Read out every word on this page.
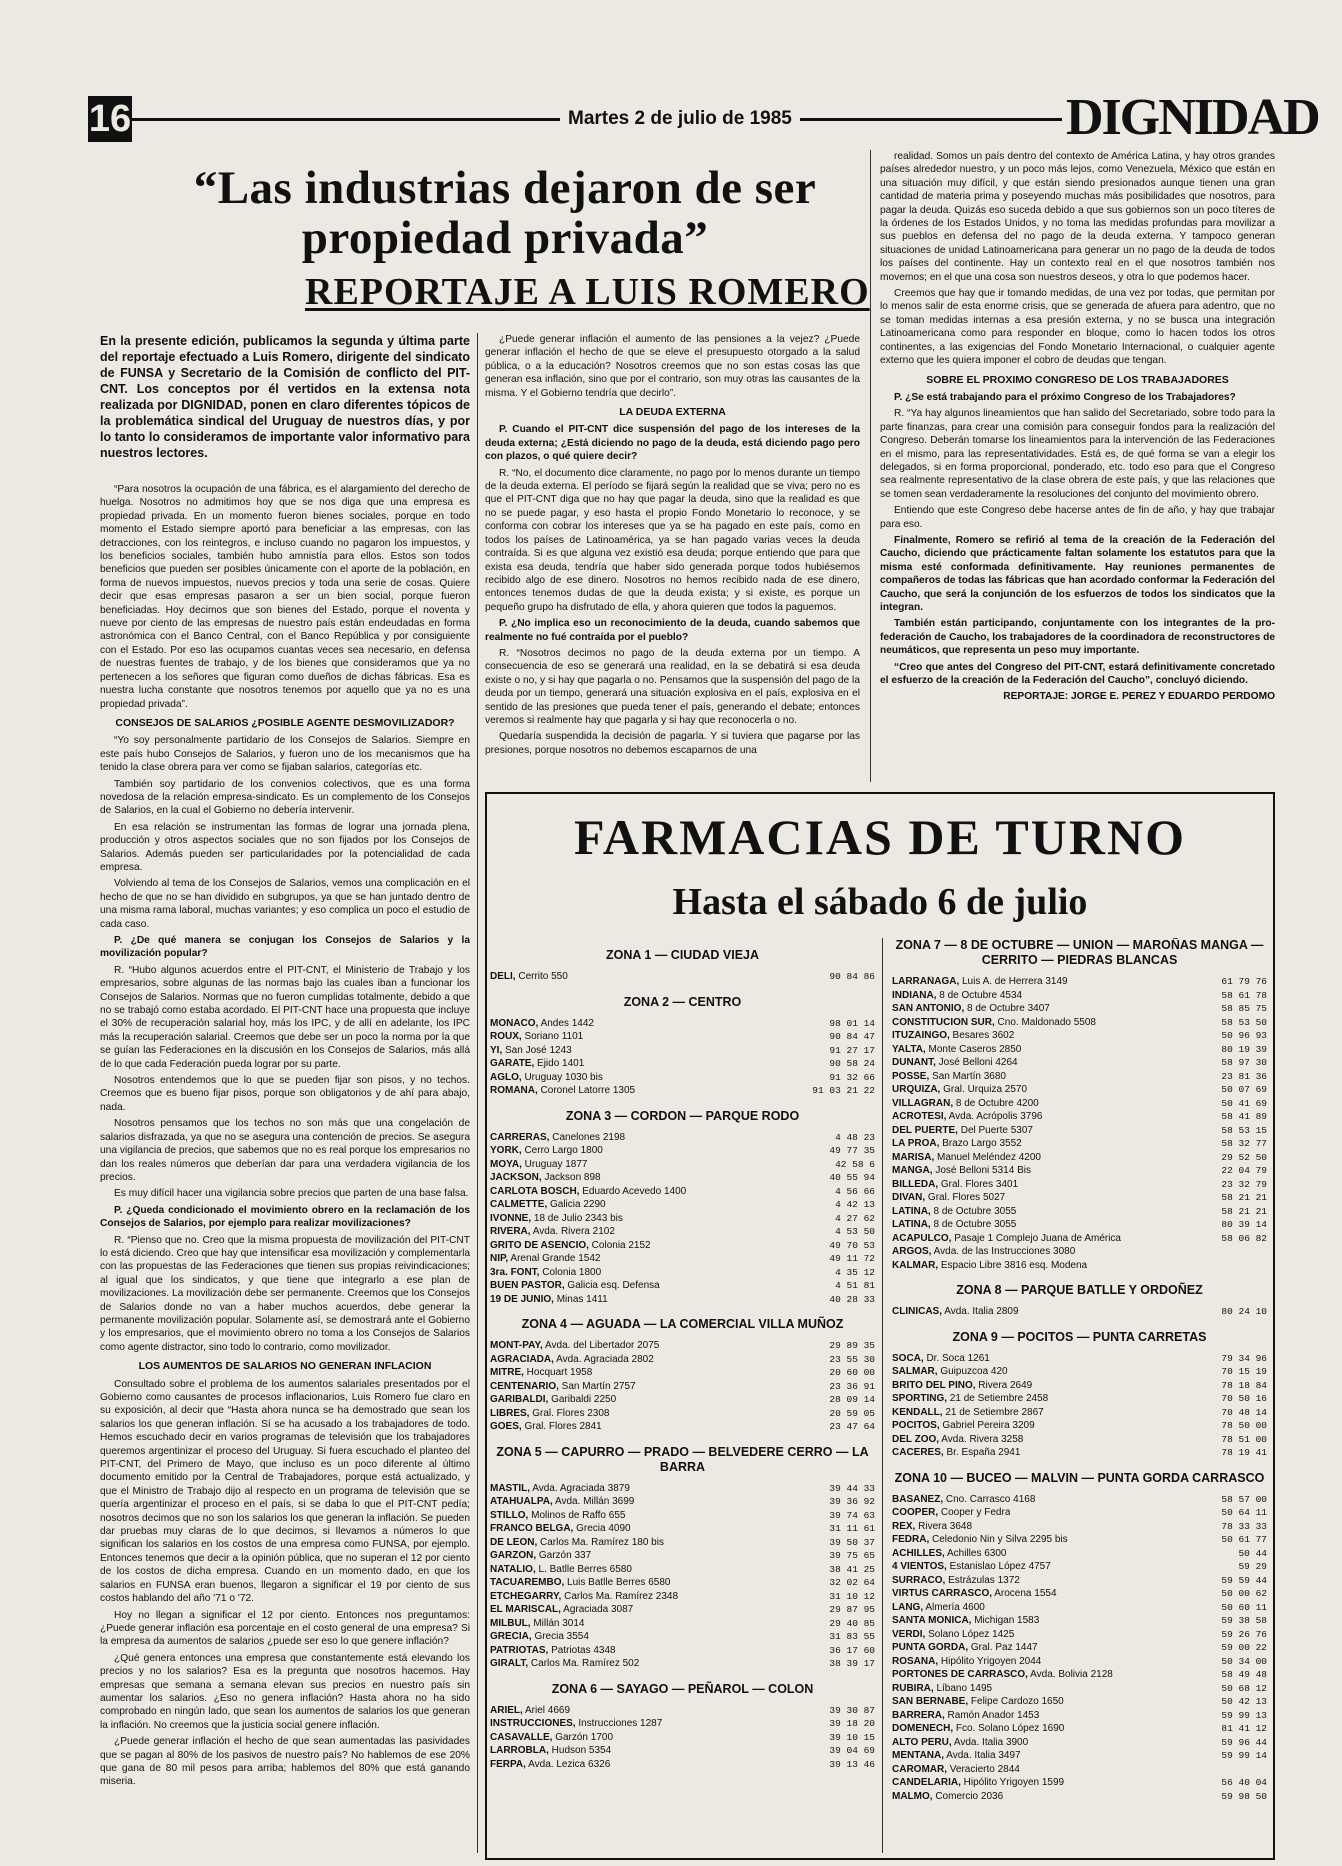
16	Martes 2 de julio de 1985	DIGNIDAD
“Las industrias dejaron de ser propiedad privada”
REPORTAJE A LUIS ROMERO
En la presente edición, publicamos la segunda y última parte del reportaje efectuado a Luis Romero, dirigente del sindicato de FUNSA y Secretario de la Comisión de conflicto del PIT-CNT. Los conceptos por él vertidos en la extensa nota realizada por DIGNIDAD, ponen en claro diferentes tópicos de la problemática sindical del Uruguay de nuestros días, y por lo tanto lo consideramos de importante valor informativo para nuestros lectores.

“Para nosotros la ocupación de una fábrica, es el alargamiento del derecho de huelga. Nosotros no admitimos hoy que se nos diga que una empresa es propiedad privada. En un momento fueron bienes sociales, porque en todo momento el Estado siempre aportó para beneficiar a las empresas, con las detracciones, con los reintegros, e incluso cuando no pagaron los impuestos, y los beneficios sociales, también hubo amnistía para ellos. Estos son todos beneficios que pueden ser posibles únicamente con el aporte de la población, en forma de nuevos impuestos, nuevos precios y toda una serie de cosas. Quiere decir que esas empresas pasaron a ser un bien social, porque fueron beneficiadas. Hoy decimos que son bienes del Estado, porque el noventa y nueve por ciento de las empresas de nuestro país están endeudadas en forma astronómica con el Banco Central, con el Banco República y por consiguiente con el Estado. Por eso las ocupamos cuantas veces sea necesario, en defensa de nuestras fuentes de trabajo, y de los bienes que consideramos que ya no pertenecen a los señores que figuran como dueños de dichas fábricas. Esa es nuestra lucha constante que nosotros tenemos por aquello que ya no es una propiedad privada”.

CONSEJOS DE SALARIOS ¿POSIBLE AGENTE DESMOVILIZADOR?

“Yo soy personalmente partidario de los Consejos de Salarios. Siempre en este país hubo Consejos de Salarios, y fueron uno de los mecanismos que ha tenido la clase obrera para ver como se fijaban salarios, categorías etc.

También soy partidario de los convenios colectivos, que es una forma novedosa de la relación empresa-sindicato. Es un complemento de los Consejos de Salarios, en la cual el Gobierno no debería intervenir.

En esa relación se instrumentan las formas de lograr una jornada plena, producción y otros aspectos sociales que no son fijados por los Consejos de Salarios. Además pueden ser particularidades por la potencialidad de cada empresa.

Volviendo al tema de los Consejos de Salarios, vemos una complicación en el hecho de que no se han dividido en subgrupos, ya que se han juntado dentro de una misma rama laboral, muchas variantes; y eso complica un poco el estudio de cada caso.

P. ¿De qué manera se conjugan los Consejos de Salarios y la movilización popular?

R. “Hubo algunos acuerdos entre el PIT-CNT, el Ministerio de Trabajo y los empresarios, sobre algunas de las normas bajo las cuales iban a funcionar los Consejos de Salarios. Normas que no fueron cumplidas totalmente, debido a que no se trabajó como estaba acordado. El PIT-CNT hace una propuesta que incluye el 30% de recuperación salarial hoy, más los IPC, y de allí en adelante, los IPC más la recuperación salarial. Creemos que debe ser un poco la norma por la que se guían las Federaciones en la discusión en los Consejos de Salarios, más allá de lo que cada Federación pueda lograr por su parte.

Nosotros entendemos que lo que se pueden fijar son pisos, y no techos. Creemos que es bueno fijar pisos, porque son obligatorios y de ahí para abajo, nada.

Nosotros pensamos que los techos no son más que una congelación de salarios disfrazada, ya que no se asegura una contención de precios. Se asegura una vigilancia de precios, que sabemos que no es real porque los empresarios no dan los reales números que deberían dar para una verdadera vigilancia de los precios.

Es muy difícil hacer una vigilancia sobre precios que parten de una base falsa.

P. ¿Queda condicionado el movimiento obrero en la reclamación de los Consejos de Salarios, por ejemplo para realizar movilizaciones?

R. “Pienso que no. Creo que la misma propuesta de movilización del PIT-CNT lo está diciendo. Creo que hay que intensificar esa movilización y complementarla con las propuestas de las Federaciones que tienen sus propias reivindicaciones; al igual que los sindicatos, y que tiene que integrarlo a ese plan de movilizaciones. La movilización debe ser permanente. Creemos que los Consejos de Salarios donde no van a haber muchos acuerdos, debe generar la permanente movilización popular. Solamente así, se demostrará ante el Gobierno y los empresarios, que el movimiento obrero no toma a los Consejos de Salarios como agente distractor, sino todo lo contrario, como movilizador.

LOS AUMENTOS DE SALARIOS NO GENERAN INFLACION

Consultado sobre el problema de los aumentos salariales presentados por el Gobierno como causantes de procesos inflacionarios, Luis Romero fue claro en su exposición, al decir que “Hasta ahora nunca se ha demostrado que sean los salarios los que generan inflación. Sí se ha acusado a los trabajadores de todo. Hemos escuchado decir en varios programas de televisión que los trabajadores queremos argentinizar el proceso del Uruguay. Si fuera escuchado el planteo del PIT-CNT, del Primero de Mayo, que incluso es un poco diferente al último documento emitido por la Central de Trabajadores, porque está actualizado, y que el Ministro de Trabajo dijo al respecto en un programa de televisión que se quería argentinizar el proceso en el país, si se daba lo que el PIT-CNT pedía; nosotros decimos que no son los salarios los que generan la inflación. Se pueden dar pruebas muy claras de lo que decimos, si llevamos a números lo que significan los salarios en los costos de una empresa como FUNSA, por ejemplo. Entonces tenemos que decir a la opinión pública, que no superan el 12 por ciento de los costos de dicha empresa. Cuando en un momento dado, en que los salarios en FUNSA eran buenos, llegaron a significar el 19 por ciento de sus costos hablando del año '71 o '72.

Hoy no llegan a significar el 12 por ciento. Entonces nos preguntamos: ¿Puede generar inflación esa porcentaje en el costo general de una empresa? Si la empresa da aumentos de salarios ¿puede ser eso lo que genere inflación?

¿Qué genera entonces una empresa que constantemente está elevando los precios y no los salarios? Esa es la pregunta que nosotros hacemos. Hay empresas que semana a semana elevan sus precios en nuestro país sin aumentar los salarios. ¿Eso no genera inflación? Hasta ahora no ha sido comprobado en ningún lado, que sean los aumentos de salarios los que generan la inflación. No creemos que la justicia social genere inflación.

¿Puede generar inflación el hecho de que sean aumentadas las pasividades que se pagan al 80% de los pasivos de nuestro país? No hablemos de ese 20% que gana de 80 mil pesos para arriba; hablemos del 80% que está ganando miseria.

¿Puede generar inflación el aumento de las pensiones a la vejez? ¿Puede generar inflación el hecho de que se eleve el presupuesto otorgado a la salud pública, o a la educación? Nosotros creemos que no son estas cosas las que generan esa inflación, sino que por el contrario, son muy otras las causantes de la misma. Y el Gobierno tendría que decirlo”.

LA DEUDA EXTERNA

P. Cuando el PIT-CNT dice suspensión del pago de los intereses de la deuda externa; ¿Está diciendo no pago de la deuda, está diciendo pago pero con plazos, o qué quiere decir?

R. “No, el documento dice claramente, no pago por lo menos durante un tiempo de la deuda externa. El período se fijará según la realidad que se viva; pero no es que el PIT-CNT diga que no hay que pagar la deuda, sino que la realidad es que no se puede pagar, y eso hasta el propio Fondo Monetario lo reconoce, y se conforma con cobrar los intereses que ya se ha pagado en este país, como en todos los países de Latinoamérica, ya se han pagado varias veces la deuda contraída. Si es que alguna vez existió esa deuda; porque entiendo que para que exista esa deuda, tendría que haber sido generada porque todos hubiésemos recibido algo de ese dinero. Nosotros no hemos recibido nada de ese dinero, entonces tenemos dudas de que la deuda exista; y si existe, es porque un pequeño grupo ha disfrutado de ella, y ahora quieren que todos la paguemos.

P. ¿No implica eso un reconocimiento de la deuda, cuando sabemos que realmente no fué contraída por el pueblo?

R. “Nosotros decimos no pago de la deuda externa por un tiempo. A consecuencia de eso se generará una realidad, en la se debatirá si esa deuda existe o no, y si hay que pagarla o no. Pensamos que la suspensión del pago de la deuda por un tiempo, generará una situación explosiva en el país, explosiva en el sentido de las presiones que pueda tener el país, generando el debate; entonces veremos si realmente hay que pagarla y si hay que reconocerla o no.

Quedaría suspendida la decisión de pagarla. Y si tuviera que pagarse por las presiones, porque nosotros no debemos escaparnos de una

realidad. Somos un país dentro del contexto de América Latina, y hay otros grandes países alrededor nuestro, y un poco más lejos, como Venezuela, México que están en una situación muy difícil, y que están siendo presionados aunque tienen una gran cantidad de materia prima y poseyendo muchas más posibilidades que nosotros, para pagar la deuda. Quizás eso suceda debido a que sus gobiernos son un poco títeres de la órdenes de los Estados Unidos, y no toma las medidas profundas para movilizar a sus pueblos en defensa del no pago de la deuda externa. Y tampoco generan situaciones de unidad Latinoamericana para generar un no pago de la deuda de todos los países del continente. Hay un contexto real en el que nosotros también nos movemos; en el que una cosa son nuestros deseos, y otra lo que podemos hacer.

Creemos que hay que ir tomando medidas, de una vez por todas, que permitan por lo menos salir de esta enorme crisis, que se generada de afuera para adentro, que no se toman medidas internas a esa presión externa, y no se busca una integración Latinoamericana como para responder en bloque, como lo hacen todos los otros continentes, a las exigencias del Fondo Monetario Internacional, o cualquier agente externo que les quiera imponer el cobro de deudas que tengan.

SOBRE EL PROXIMO CONGRESO DE LOS TRABAJADORES

P. ¿Se está trabajando para el próximo Congreso de los Trabajadores?

R. “Ya hay algunos lineamientos que han salido del Secretariado, sobre todo para la parte finanzas, para crear una comisión para conseguir fondos para la realización del Congreso. Deberán tomarse los lineamientos para la intervención de las Federaciones en el mismo, para las representatividades. Está es, de qué forma se van a elegir los delegados, si en forma proporcional, ponderado, etc. todo eso para que el Congreso sea realmente representativo de la clase obrera de este país, y que las relaciones que se tomen sean verdaderamente la resoluciones del conjunto del movimiento obrero.

Entiendo que este Congreso debe hacerse antes de fin de año, y hay que trabajar para eso.

Finalmente, Romero se refirió al tema de la creación de la Federación del Caucho, diciendo que prácticamente faltan solamente los estatutos para que la misma esté conformada definitivamente. Hay reuniones permanentes de compañeros de todas las fábricas que han acordado conformar la Federación del Caucho, que será la conjunción de los esfuerzos de todos los sindicatos que la integran.

También están participando, conjuntamente con los integrantes de la pro-federación de Caucho, los trabajadores de la coordinadora de reconstructores de neumáticos, que representa un peso muy importante.

“Creo que antes del Congreso del PIT-CNT, estará definitivamente concretado el esfuerzo de la creación de la Federación del Caucho”, concluyó diciendo.

REPORTAJE: JORGE E. PEREZ Y EDUARDO PERDOMO

FARMACIAS DE TURNO
Hasta el sábado 6 de julio
ZONA 1 — CIUDAD VIEJA
DELI, Cerrito 550	90 84 86
ZONA 2 — CENTRO
MONACO, Andes 1442	98 01 14
ROUX, Soriano 1101	90 84 47
YI, San José 1243	91 27 17
GARATE, Ejido 1401	90 58 24
AGLO, Uruguay 1030 bis	91 32 66
ROMANA, Coronel Latorre 1305	91 03 21 22
ZONA 3 — CORDON — PARQUE RODO
CARRERAS, Canelones 2198	4 48 23
YORK, Cerro Largo 1800	49 77 35
MOYA, Uruguay 1877	42 58 6
JACKSON, Jackson 898	40 55 94
CARLOTA BOSCH, Eduardo Acevedo 1400	4 56 66
CALMETTE, Galicia 2290	4 42 13
IVONNE, 18 de Julio 2343 bis	4 27 62
RIVERA, Avda. Rivera 2102	4 53 50
GRITO DE ASENCIO, Colonia 2152	49 70 53
NIP, Arenal Grande 1542	49 11 72
3ra. FONT, Colonia 1800	4 35 12
BUEN PASTOR, Galicia esq. Defensa	4 51 81
19 DE JUNIO, Minas 1411	40 28 33
ZONA 4 — AGUADA — LA COMERCIAL VILLA MUÑOZ
MONT-PAY, Avda. del Libertador 2075	29 89 35
AGRACIADA, Avda. Agraciada 2802	23 55 30
MITRE, Hocquart 1958	20 60 00
CENTENARIO, San Martín 2757	23 36 91
GARIBALDI, Garibaldi 2250	28 09 14
LIBRES, Gral. Flores 2308	20 59 05
GOES, Gral. Flores 2841	23 47 64
ZONA 5 — CAPURRO — PRADO — BELVEDERE CERRO — LA BARRA
MASTIL, Avda. Agraciada 3879	39 44 33
ATAHUALPA, Avda. Millán 3699	39 36 92
STILLO, Molinos de Raffo 655	39 74 63
FRANCO BELGA, Grecia 4090	31 11 61
DE LEON, Carlos Ma. Ramírez 180 bis	39 50 37
GARZON, Garzón 337	39 75 65
NATALIO, L. Batlle Berres 6580	38 41 25
TACUAREMBO, Luis Batlle Berres 6580	32 02 64
ETCHEGARRY, Carlos Ma. Ramírez 2348	31 10 12
EL MARISCAL, Agraciada 3087	29 87 95
MILBUL, Millán 3014	29 40 85
GRECIA, Grecia 3554	31 83 55
PATRIOTAS, Patriotas 4348	36 17 60
GIRALT, Carlos Ma. Ramírez 502	38 39 17
ZONA 6 — SAYAGO — PEÑAROL — COLON
ARIEL, Ariel 4669	39 30 87
INSTRUCCIONES, Instrucciones 1287	39 18 20
CASAVALLE, Garzón 1700	39 10 15
LARROBLA, Hudson 5354	39 04 69
FERPA, Avda. Lezica 6326	39 13 46
ZONA 7 — 8 DE OCTUBRE — UNION — MAROÑAS MANGA — CERRITO — PIEDRAS BLANCAS
LARRAÑAGA, Luis A. de Herrera 3149	61 79 76
INDIANA, 8 de Octubre 4534	58 61 78
SAN ANTONIO, 8 de Octubre 3407	58 85 75
CONSTITUCION SUR, Cno. Maldonado 5508	58 53 50
ITUZAINGO, Besares 3602	50 96 93
YALTA, Monte Caseros 2850	80 19 39
DUNANT, José Belloni 4264	58 97 30
POSSE, San Martín 3680	23 81 36
URQUIZA, Gral. Urquiza 2570	50 07 69
VILLAGRAN, 8 de Octubre 4200	50 41 69
ACROTESI, Avda. Acrópolis 3796	58 41 89
DEL PUERTE, Del Puerte 5307	58 53 15
LA PROA, Brazo Largo 3552	58 32 77
MARISA, Manuel Meléndez 4200	29 52 50
MANGA, José Belloni 5314 Bis	22 04 79
BILLEDA, Gral. Flores 3401	23 32 79
DIVAN, Gral. Flores 5027	58 21 21
LATINA, 8 de Octubre 3055	58 21 21
LATINA, 8 de Octubre 3055	80 39 14
ACAPULCO, Pasaje 1 Complejo Juana de América	58 06 82
ARGOS, Avda. de las Instrucciones 3080
KALMAR, Espacio Libre 3816 esq. Modena
ZONA 8 — PARQUE BATLLE Y ORDOÑEZ
CLINICAS, Avda. Italia 2809	80 24 10
ZONA 9 — POCITOS — PUNTA CARRETAS
SOCA, Dr. Soca 1261	79 34 96
SALMAR, Guipuzcoa 420	70 15 19
BRITO DEL PINO, Rivera 2649	78 18 84
SPORTING, 21 de Setiembre 2458	70 50 16
KENDALL, 21 de Setiembre 2867	70 48 14
POCITOS, Gabriel Pereira 3209	78 50 00
DEL ZOO, Avda. Rivera 3258	78 51 00
CACERES, Br. España 2941	78 19 41
ZONA 10 — BUCEO — MALVIN — PUNTA GORDA CARRASCO
BASAÑEZ, Cno. Carrasco 4168	58 57 00
COOPER, Cooper y Fedra	50 64 11
REX, Rivera 3648	78 33 33
FEDRA, Celedonio Nin y Silva 2295 bis	50 61 77
ACHILLES, Achilles 6300	50 44
4 VIENTOS, Estanislao López 4757	59 29
SURRACO, Estrázulas 1372	59 59 44
VIRTUS CARRASCO, Arocena 1554	50 00 62
LANG, Almería 4600	50 60 11
SANTA MONICA, Michigan 1583	59 38 58
VERDI, Solano López 1425	59 26 76
PUNTA GORDA, Gral. Paz 1447	59 00 22
ROSANA, Hipólito Yrigoyen 2044	50 34 00
PORTONES DE CARRASCO, Avda. Bolivia 2128	58 49 48
RUBIRA, Líbano 1495	50 68 12
SAN BERNABE, Felipe Cardozo 1650	50 42 13
BARRERA, Ramón Anador 1453	59 99 13
DOMENECH, Fco. Solano López 1690	81 41 12
ALTO PERU, Avda. Italia 3900	59 96 44
MENTANA, Avda. Italia 3497	59 99 14
CAROMAR, Veracierto 2844
CANDELARIA, Hipólito Yrigoyen 1599	56 40 04
MALMO, Comercio 2036	59 98 50
